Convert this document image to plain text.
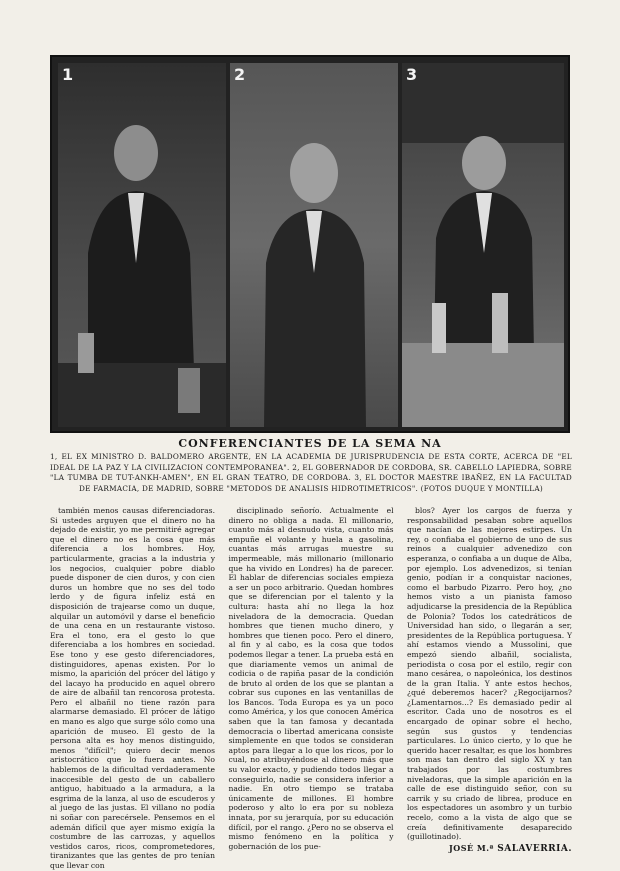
1	2	3
CONFERENCIANTES DE LA SEMA NA
1, EL EX MINISTRO D. BALDOMERO ARGENTE, EN LA ACADEMIA DE JURISPRUDENCIA DE ESTA CORTE, ACERCA DE "EL IDEAL DE LA PAZ Y LA CIVILIZACION CONTEMPORANEA". 2, EL GOBERNADOR DE CORDOBA, SR. CABELLO LAPIEDRA, SOBRE "LA TUMBA DE TUT-ANKH-AMEN", EN EL GRAN TEATRO, DE CORDOBA. 3, EL DOCTOR MAESTRE IBAÑEZ, EN LA FACULTAD DE FARMACIA, DE MADRID, SOBRE "METODOS DE ANALISIS HIDROTIMETRICOS". (FOTOS DUQUE Y MONTILLA)

también menos causas diferenciadoras. Si ustedes arguyen que el dinero no ha dejado de existir, yo me permitiré agregar que el dinero no es la cosa que más diferencia a los hombres. Hoy, particularmente, gracias a la industria y los negocios, cualquier pobre diablo puede disponer de cien duros, y con cien duros un hombre que no ses del todo lerdo y de figura infeliz está en disposición de trajearse como un duque, alquilar un automóvil y darse el beneficio de una cena en un restaurante vistoso. Era el tono, era el gesto lo que diferenciaba a los hombres en sociedad. Ese tono y ese gesto diferenciadores, distinguidores, apenas existen. Por lo mismo, la aparición del prócer del látigo y del lacayo ha producido en aquel obrero de aire de albañil tan rencorosa protesta. Pero el albañil no tiene razón para alarmarse demasiado. El prócer de látigo en mano es algo que surge sólo como una aparición de museo. El gesto de la persona alta es hoy menos distinguido, menos "difícil"; quiero decir menos aristocrático que lo fuera antes. No hablemos de la dificultad verdaderamente inaccesible del gesto de un caballero antiguo, habituado a la armadura, a la esgrima de la lanza, al uso de escuderos y al juego de las justas. El villano no podía ni soñar con parecérsele. Pensemos en el ademán difícil que ayer mismo exigía la costumbre de las carrozas, y aquellos vestidos caros, ricos, comprometedores, tiranizantes que las gentes de pro tenían que llevar con

disciplinado señorío. Actualmente el dinero no obliga a nada. El millonario, cuanto más al desnudo vista, cuanto más empuñe el volante y huela a gasolina, cuantas más arrugas muestre su impermeable, más millonario (millonario que ha vivido en Londres) ha de parecer. El hablar de diferencias sociales empieza a ser un poco arbitrario. Quedan hombres que se diferencian por el talento y la cultura: hasta ahí no llega la hoz niveladora de la democracia. Quedan hombres que tienen mucho dinero, y hombres que tienen poco. Pero el dinero, al fin y al cabo, es la cosa que todos podemos llegar a tener. La prueba está en que diariamente vemos un animal de codicia o de rapiña pasar de la condición de bruto al orden de los que se plantan a cobrar sus cupones en las ventanillas de los Bancos. Toda Europa es ya un poco como América, y los que conocen América saben que la tan famosa y decantada democracia o libertad americana consiste simplemente en que todos se consideran aptos para llegar a lo que los ricos, por lo cual, no atribuyéndose al dinero más que su valor exacto, y pudiendo todos llegar a conseguirlo, nadie se considera inferior a nadie. En otro tiempo se trataba únicamente de millones. El hombre poderoso y alto lo era por su nobleza innata, por su jerarquía, por su educación difícil, por el rango. ¿Pero no se observa el mismo fenómeno en la política y gobernación de los pue-

blos? Ayer los cargos de fuerza y responsabilidad pesaban sobre aquellos que nacían de las mejores estirpes. Un rey, o confiaba el gobierno de uno de sus reinos a cualquier advenedizo con esperanza, o confiaba a un duque de Alba, por ejemplo. Los advenedizos, si tenían genio, podían ir a conquistar naciones, como el barbudo Pizarro. Pero hoy, ¿no hemos visto a un pianista famoso adjudicarse la presidencia de la República de Polonia? Todos los catedráticos de Universidad han sido, o llegarán a ser, presidentes de la República portuguesa. Y ahí estamos viendo a Mussolini, que empezó siendo albañil, socialista, periodista o cosa por el estilo, regir con mano cesárea, o napoleónica, los destinos de la gran Italia. Y ante estos hechos, ¿qué deberemos hacer? ¿Regocijarnos? ¿Lamentarnos...? Es demasiado pedir al escritor. Cada uno de nosotros es el encargado de opinar sobre el hecho, según sus gustos y tendencias particulares. Lo único cierto, y lo que he querido hacer resaltar, es que los hombres son mas tan dentro del siglo XX y tan trabajados por las costumbres niveladoras, que la simple aparición en la calle de ese distinguido señor, con su carrik y su criado de librea, produce en los espectadores un asombro y un turbio recelo, como a la vista de algo que se creía definitivamente desaparecido (guillotinado).

JOSÉ M.ª SALAVERRIA.
